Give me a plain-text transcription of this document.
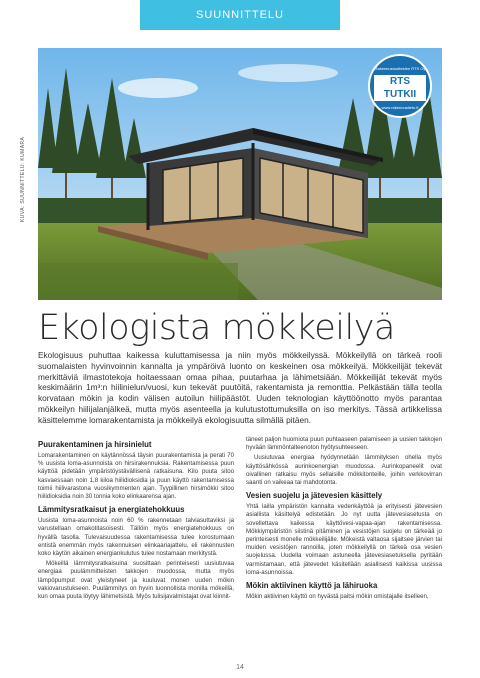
SUUNNITTELU
Rakennustuotteiden RTS Oy
RTS TUTKII
www.rakennustieto.fi
KUVA: SUUNNITTELU: KUMARA
Ekologista mökkeilyä

Ekologisuus puhuttaa kaikessa kuluttamisessa ja niin myös mökkeilyssä. Mökkeilyllä on tärkeä rooli suomalaisten hyvinvoinnin kannalta ja ympäröivä luonto on keskeinen osa mökkeilyä. Mökkeilijät tekevät merkittäviä ilmastotekoja hoitaessaan omaa pihaa, puutarhaa ja lähimetsiään. Mökkeilijät tekevät myös keskimäärin 1m³:n hiilinielun/vuosi, kun tekevät puutöitä, rakentamista ja remonttia. Pelkästään tälla teolla korvataan mökin ja kodin välisen autoilun hiilipäästöt. Uuden teknologian käyttöönotto myös parantaa mökkeilyn hiilijalanjälkeä, mutta myös asenteella ja kulutustottumuksilla on iso merkitys. Tässä artikkelissa käsittelemme lomarakentamista ja mökkeilyä ekologisuutta silmällä pitäen.

Puurakentaminen ja hirsinielut

Lomarakentaminen on käytännössä täysin puurakentamista ja perati 70 % uusista loma-asunnoista on hirsirakennuksia. Rakentamisessa puun käyttöä pidetään ympäristöystävällisenä ratkaisuna. Kilo puuta sitoo kasvaessaan noin 1,8 kiloa hiilidioksidia ja puun käyttö rakentamisessa toimii hiilivarastona vuosikymmenten ajan. Tyypillinen hirsimökki sitoo hiilidioksidia noin 30 tonnia koko elinkaarensa ajan.

Lämmitysratkaisut ja energiatehokkuus

Uusista loma-asunnoista noin 60 % rakennetaan talviasuttaviksi ja varustellaan omakotitasoisesti. Tällöin myös energiatehokkuus on hyvällä tasolla. Tulevaisuudessa rakentamisessa tulee korostumaan entistä enemmän myös rakennuksen elinkaariajattelu, eli rakennusten koko käytön aikainen energiankulutus tulee nostamaan merkitystä.

Mökeillä lämmitysratkaisuina suosittaan perinteisesti uusiutuvaa energiaa puulämmitteisten takkojen muodossa, mutta myös lämpöpumput ovat yleistyneet ja kuuluvat monen uuden mökin vakiovarustukseen. Puulämmitys on hyvin luonnollista monilla mökeillä, kun omaa puuta löytyy lähimetsistä. Myös tulisijavalmistajat ovat kiinnit-

täneet paljon huomiota puun puhtaaseen palamiseen ja uusien takkojen hyvään lämmöntalteenoton hyötysuhteeseen.

Uusiutuvaa energiaa hyödynnetään lämmityksen ohella myös käyttösähkössä aurinkoenergian muodossa. Aurinkopaneelit ovat oivallinen ratkaisu myös sellaisille mökkitonteille, joihin verkkovirran saanti on vaikeaa tai mahdotonta.

Vesien suojelu ja jätevesien käsittely

Yhtä lailla ympäristön kannalta vedenkäyttöä ja erityisesti jätevesien asiallista käsittelyä edistetään. Jo nyt uutta jätevesiasetusta on sovellettava kaikessa käyttövesi-vapaa-ajan rakentamisessa. Mökkiympäristön siistinä pitäminen ja vesistöjen suojelu on tärkeää jo perinteisesti monelle mökkeilijälle. Mökeistä valtaosa sijaitsee järvien tai muiden vesistöjen rannoilla, joten mökkeilyllä on tärkeä osa vesien suojelussa. Uudella voimaan astuneella jätevesiasetuksella pyritään varmistamaan, että jätevedet käsitellään asiallisesti kaikissa uusissa loma-asunnoissa.

Mökin aktiivinen käyttö ja lähiruoka

Mökin aktiivinen käyttö on hyvästä paitsi mökin omistajalle itselleen,

14
